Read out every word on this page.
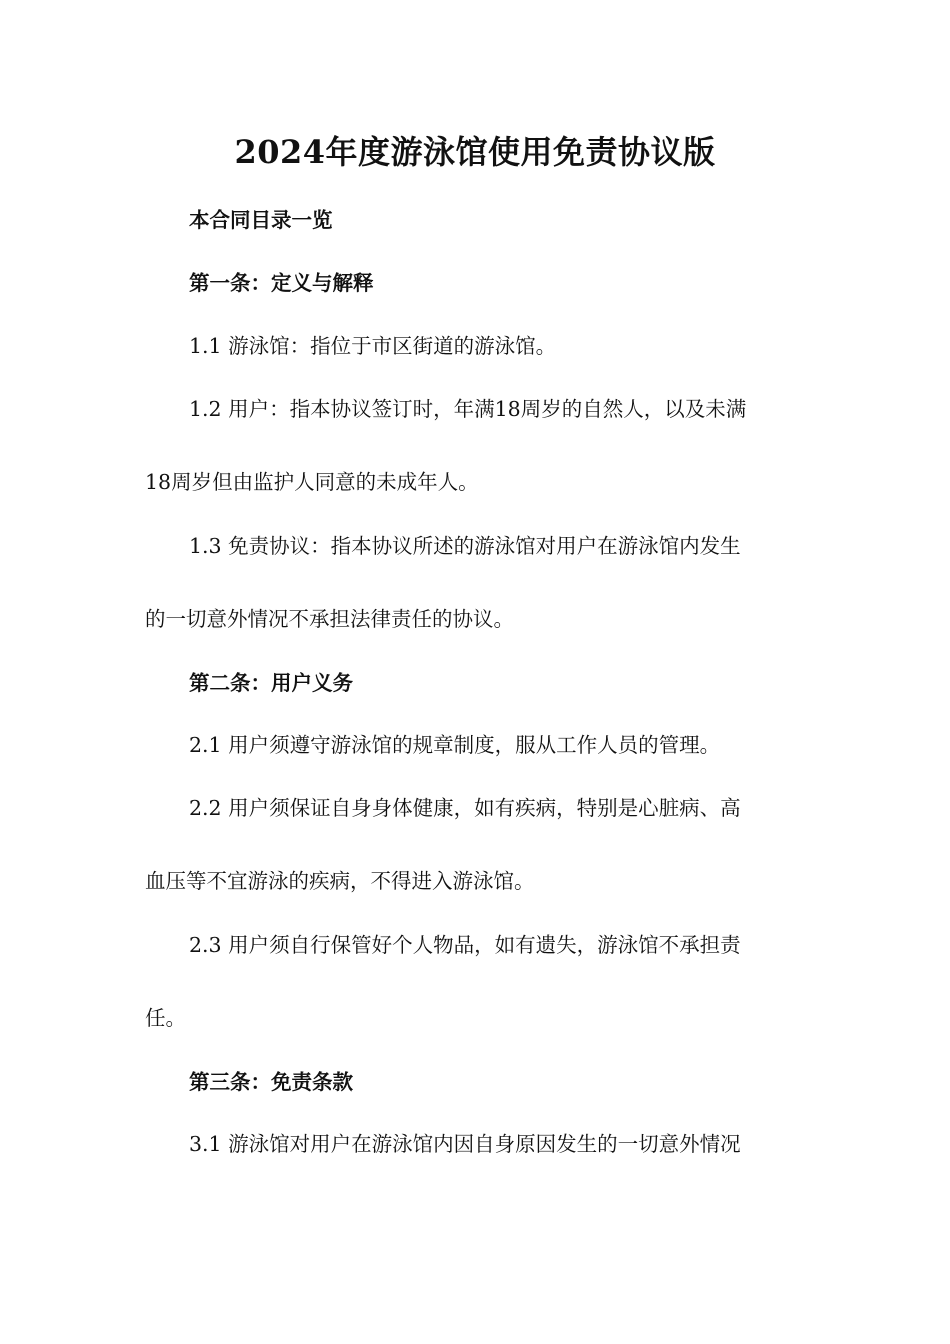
2024年度游泳馆使用免责协议版
本合同目录一览
第一条：定义与解释
1.1 游泳馆：指位于市区街道的游泳馆。
1.2 用户：指本协议签订时，年满18周岁的自然人，以及未满
18周岁但由监护人同意的未成年人。
1.3 免责协议：指本协议所述的游泳馆对用户在游泳馆内发生
的一切意外情况不承担法律责任的协议。
第二条：用户义务
2.1 用户须遵守游泳馆的规章制度，服从工作人员的管理。
2.2 用户须保证自身身体健康，如有疾病，特别是心脏病、高
血压等不宜游泳的疾病，不得进入游泳馆。
2.3 用户须自行保管好个人物品，如有遗失，游泳馆不承担责
任。
第三条：免责条款
3.1 游泳馆对用户在游泳馆内因自身原因发生的一切意外情况
